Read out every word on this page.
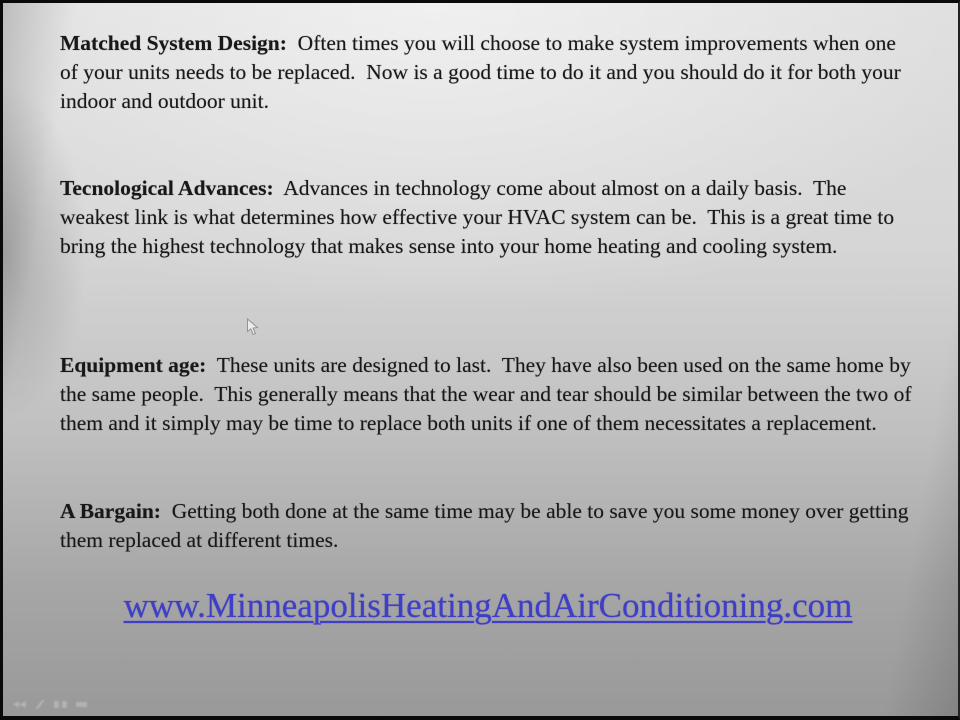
Matched System Design:  Often times you will choose to make system improvements when one of your units needs to be replaced.  Now is a good time to do it and you should do it for both your indoor and outdoor unit.

Tecnological Advances:  Advances in technology come about almost on a daily basis.  The weakest link is what determines how effective your HVAC system can be.  This is a great time to bring the highest technology that makes sense into your home heating and cooling system.

Equipment age:  These units are designed to last.  They have also been used on the same home by the same people.  This generally means that the wear and tear should be similar between the two of them and it simply may be time to replace both units if one of them necessitates a replacement.

A Bargain:  Getting both done at the same time may be able to save you some money over getting them replaced at different times.

www.MinneapolisHeatingAndAirConditioning.com
